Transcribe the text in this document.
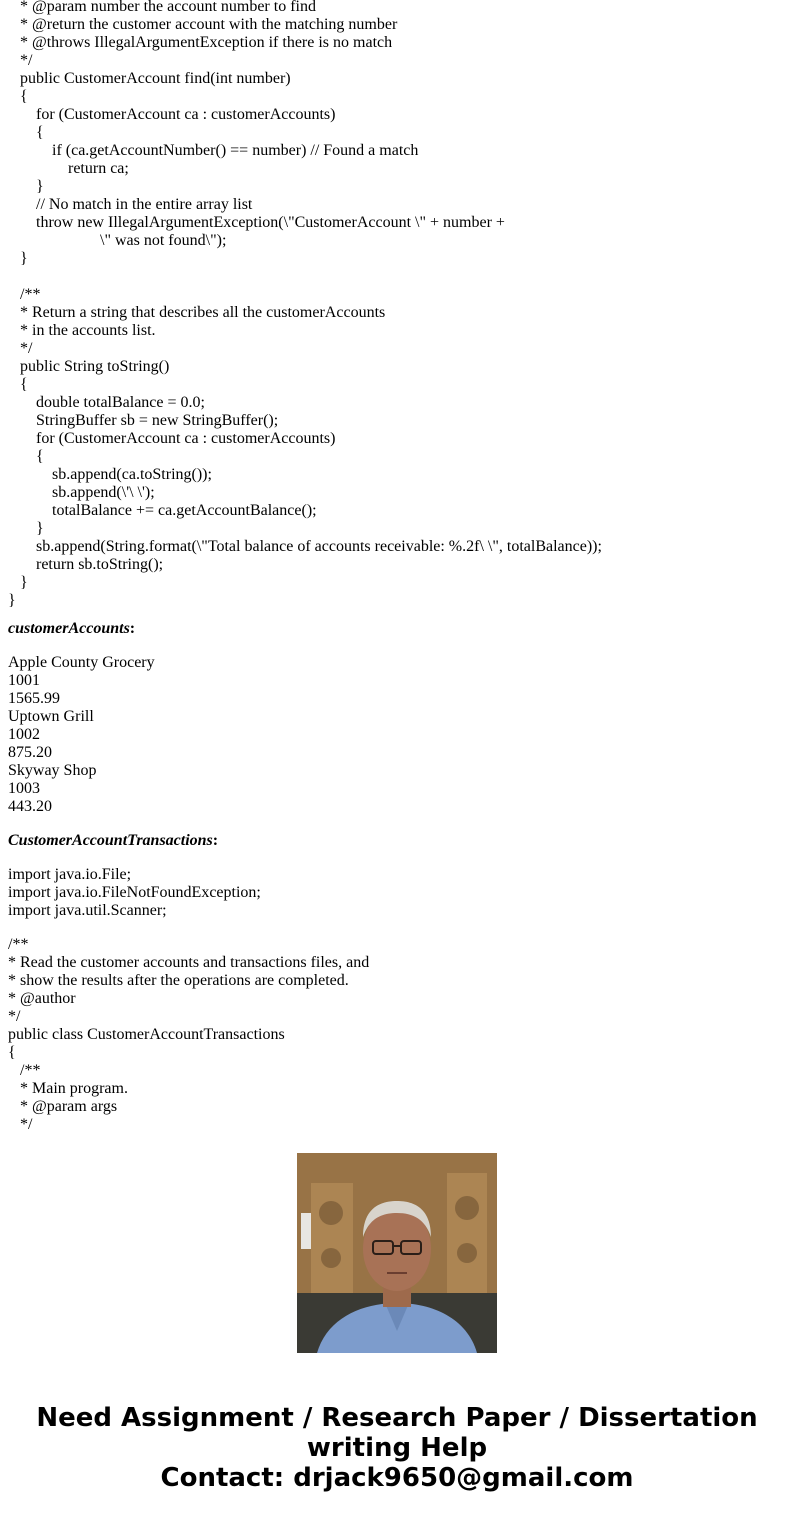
* @param number the account number to find
* @return the customer account with the matching number
* @throws IllegalArgumentException if there is no match
*/
public CustomerAccount find(int number)
{
for (CustomerAccount ca : customerAccounts)
{
if (ca.getAccountNumber() == number) // Found a match
return ca;
}
// No match in the entire array list
throw new IllegalArgumentException(\"CustomerAccount \" + number +
\" was not found\");
}
/**
* Return a string that describes all the customerAccounts
* in the accounts list.
*/
public String toString()
{
double totalBalance = 0.0;
StringBuffer sb = new StringBuffer();
for (CustomerAccount ca : customerAccounts)
{
sb.append(ca.toString());
sb.append(\'\ \');
totalBalance += ca.getAccountBalance();
}
sb.append(String.format(\"Total balance of accounts receivable: %.2f\ \", totalBalance));
return sb.toString();
}
}
customerAccounts:
Apple County Grocery
1001
1565.99
Uptown Grill
1002
875.20
Skyway Shop
1003
443.20
CustomerAccountTransactions:
import java.io.File;
import java.io.FileNotFoundException;
import java.util.Scanner;
/**
* Read the customer accounts and transactions files, and
* show the results after the operations are completed.
* @author
*/
public class CustomerAccountTransactions
{
/**
* Main program.
* @param args
*/
Need Assignment / Research Paper / Dissertation
writing Help
Contact: drjack9650@gmail.com
